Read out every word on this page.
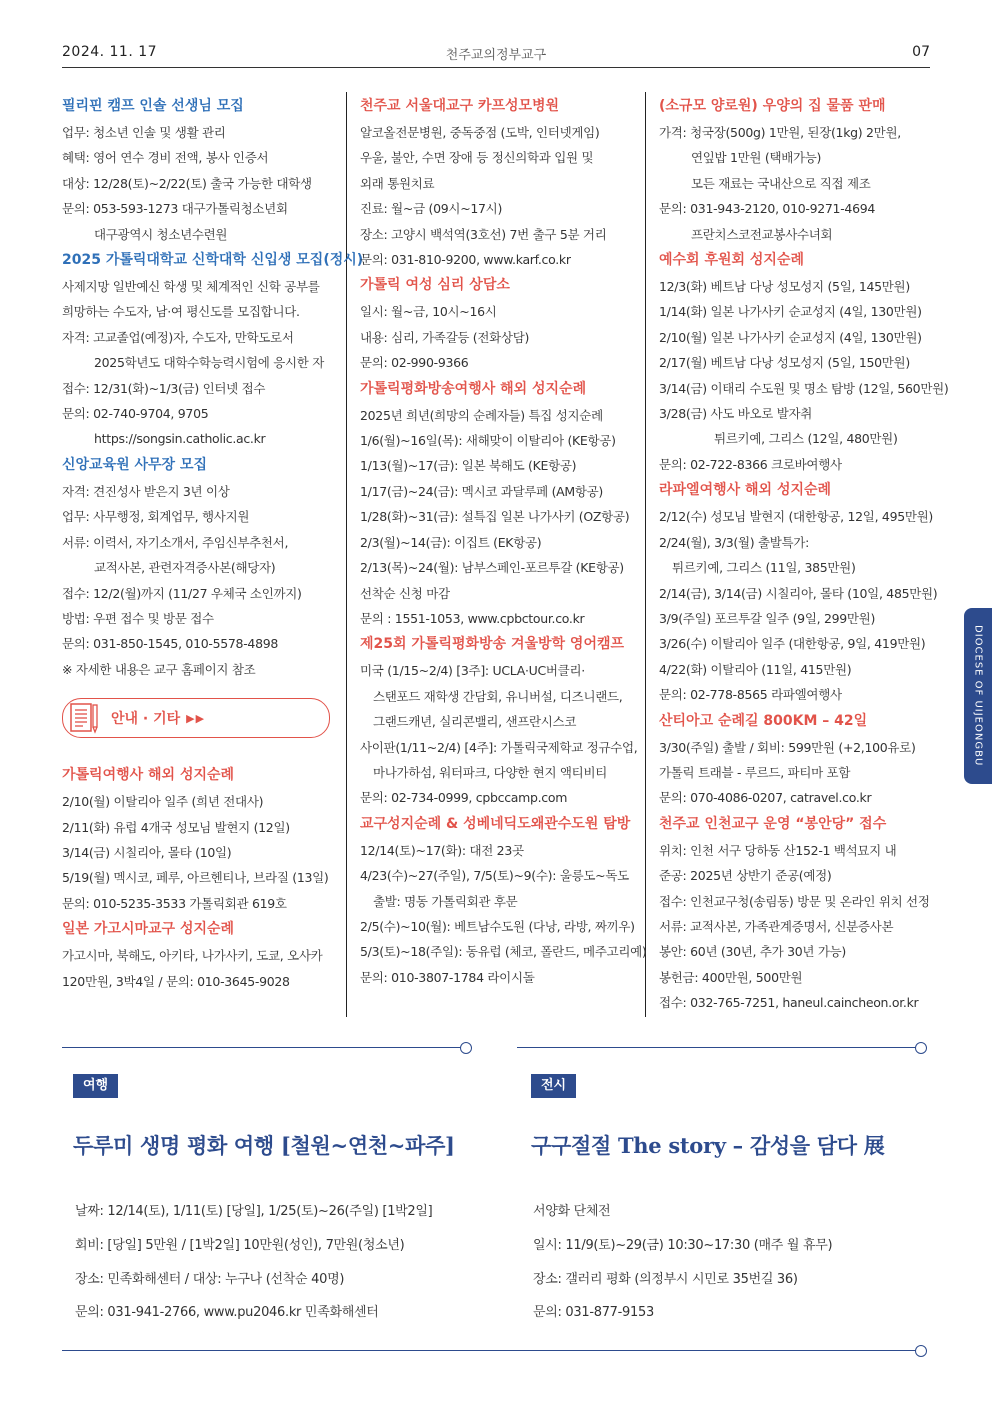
2024. 11. 17	천주교의정부교구	07
필리핀 캠프 인솔 선생님 모집
업무: 청소년 인솔 및 생활 관리
혜택: 영어 연수 경비 전액, 봉사 인증서
대상: 12/28(토)~2/22(토) 출국 가능한 대학생
문의: 053-593-1273 대구가톨릭청소년회
대구광역시 청소년수련원
2025 가톨릭대학교 신학대학 신입생 모집(정시)
사제지망 일반예신 학생 및 체계적인 신학 공부를
희망하는 수도자, 남·여 평신도를 모집합니다.
자격: 고교졸업(예정)자, 수도자, 만학도로서
2025학년도 대학수학능력시험에 응시한 자
접수: 12/31(화)~1/3(금) 인터넷 접수
문의: 02-740-9704, 9705
https://songsin.catholic.ac.kr
신앙교육원 사무장 모집
자격: 견진성사 받은지 3년 이상
업무: 사무행정, 회계업무, 행사지원
서류: 이력서, 자기소개서, 주임신부추천서,
교적사본, 관련자격증사본(해당자)
접수: 12/2(월)까지 (11/27 우체국 소인까지)
방법: 우편 접수 및 방문 접수
문의: 031-850-1545, 010-5578-4898
※ 자세한 내용은 교구 홈페이지 참조
안내 · 기타 ▶▶
가톨릭여행사 해외 성지순례
2/10(월) 이탈리아 일주 (희년 전대사)
2/11(화) 유럽 4개국 성모님 발현지 (12일)
3/14(금) 시칠리아, 몰타 (10일)
5/19(월) 멕시코, 페루, 아르헨티나, 브라질 (13일)
문의: 010-5235-3533 가톨릭회관 619호
일본 가고시마교구 성지순례
가고시마, 북해도, 아키타, 나가사키, 도쿄, 오사카
120만원, 3박4일 / 문의: 010-3645-9028
천주교 서울대교구 카프성모병원
알코올전문병원, 중독중점 (도박, 인터넷게임)
우울, 불안, 수면 장애 등 정신의학과 입원 및
외래 통원치료
진료: 월~금 (09시~17시)
장소: 고양시 백석역(3호선) 7번 출구 5분 거리
문의: 031-810-9200, www.karf.co.kr
가톨릭 여성 심리 상담소
일시: 월~금, 10시~16시
내용: 심리, 가족갈등 (전화상담)
문의: 02-990-9366
가톨릭평화방송여행사 해외 성지순례
2025년 희년(희망의 순례자들) 특집 성지순례
1/6(월)~16일(목): 새해맞이 이탈리아 (KE항공)
1/13(월)~17(금): 일본 북해도 (KE항공)
1/17(금)~24(금): 멕시코 과달루페 (AM항공)
1/28(화)~31(금): 설특집 일본 나가사키 (OZ항공)
2/3(월)~14(금): 이집트 (EK항공)
2/13(목)~24(월): 남부스페인-포르투갈 (KE항공)
선착순 신청 마감
문의 : 1551-1053, www.cpbctour.co.kr
제25회 가톨릭평화방송 겨울방학 영어캠프
미국 (1/15~2/4) [3주]: UCLA·UC버클리·
스탠포드 재학생 간담회, 유니버설, 디즈니랜드,
그랜드캐년, 실리콘밸리, 샌프란시스코
사이판(1/11~2/4) [4주]: 가톨릭국제학교 정규수업,
마나가하섬, 워터파크, 다양한 현지 액티비티
문의: 02-734-0999, cpbccamp.com
교구성지순례 & 성베네딕도왜관수도원 탐방
12/14(토)~17(화): 대전 23곳
4/23(수)~27(주일), 7/5(토)~9(수): 울릉도~독도
출발: 명동 가톨릭회관 후문
2/5(수)~10(월): 베트남수도원 (다낭, 라방, 짜끼우)
5/3(토)~18(주일): 동유럽 (체코, 폴란드, 메주고리예)
문의: 010-3807-1784 라이시돌
(소규모 양로원) 우양의 집 물품 판매
가격: 청국장(500g) 1만원, 된장(1kg) 2만원,
연잎밥 1만원 (택배가능)
모든 재료는 국내산으로 직접 제조
문의: 031-943-2120, 010-9271-4694
프란치스코전교봉사수녀회
예수회 후원회 성지순례
12/3(화) 베트남 다낭 성모성지 (5일, 145만원)
1/14(화) 일본 나가사키 순교성지 (4일, 130만원)
2/10(월) 일본 나가사키 순교성지 (4일, 130만원)
2/17(월) 베트남 다낭 성모성지 (5일, 150만원)
3/14(금) 이태리 수도원 및 명소 탐방 (12일, 560만원)
3/28(금) 사도 바오로 발자취
튀르키예, 그리스 (12일, 480만원)
문의: 02-722-8366 크로바여행사
라파엘여행사 해외 성지순례
2/12(수) 성모님 발현지 (대한항공, 12일, 495만원)
2/24(월), 3/3(월) 출발특가:
튀르키예, 그리스 (11일, 385만원)
2/14(금), 3/14(금) 시칠리아, 몰타 (10일, 485만원)
3/9(주일) 포르투갈 일주 (9일, 299만원)
3/26(수) 이탈리아 일주 (대한항공, 9일, 419만원)
4/22(화) 이탈리아 (11일, 415만원)
문의: 02-778-8565 라파엘여행사
산티아고 순례길 800KM – 42일
3/30(주일) 출발 / 회비: 599만원 (+2,100유로)
가톨릭 트래블 - 루르드, 파티마 포함
문의: 070-4086-0207, catravel.co.kr
천주교 인천교구 운영 “봉안당” 접수
위치: 인천 서구 당하동 산152-1 백석묘지 내
준공: 2025년 상반기 준공(예정)
접수: 인천교구청(송림동) 방문 및 온라인 위치 선정
서류: 교적사본, 가족관계증명서, 신분증사본
봉안: 60년 (30년, 추가 30년 가능)
봉헌금: 400만원, 500만원
접수: 032-765-7251, haneul.caincheon.or.kr
DIOCESE OF UIJEONGBU
여행
두루미 생명 평화 여행 [철원~연천~파주]
날짜: 12/14(토), 1/11(토) [당일], 1/25(토)~26(주일) [1박2일]
회비: [당일] 5만원 / [1박2일] 10만원(성인), 7만원(청소년)
장소: 민족화해센터 / 대상: 누구나 (선착순 40명)
문의: 031-941-2766, www.pu2046.kr 민족화해센터
전시
구구절절 The story – 감성을 담다 展
서양화 단체전
일시: 11/9(토)~29(금) 10:30~17:30 (매주 월 휴무)
장소: 갤러리 평화 (의정부시 시민로 35번길 36)
문의: 031-877-9153
